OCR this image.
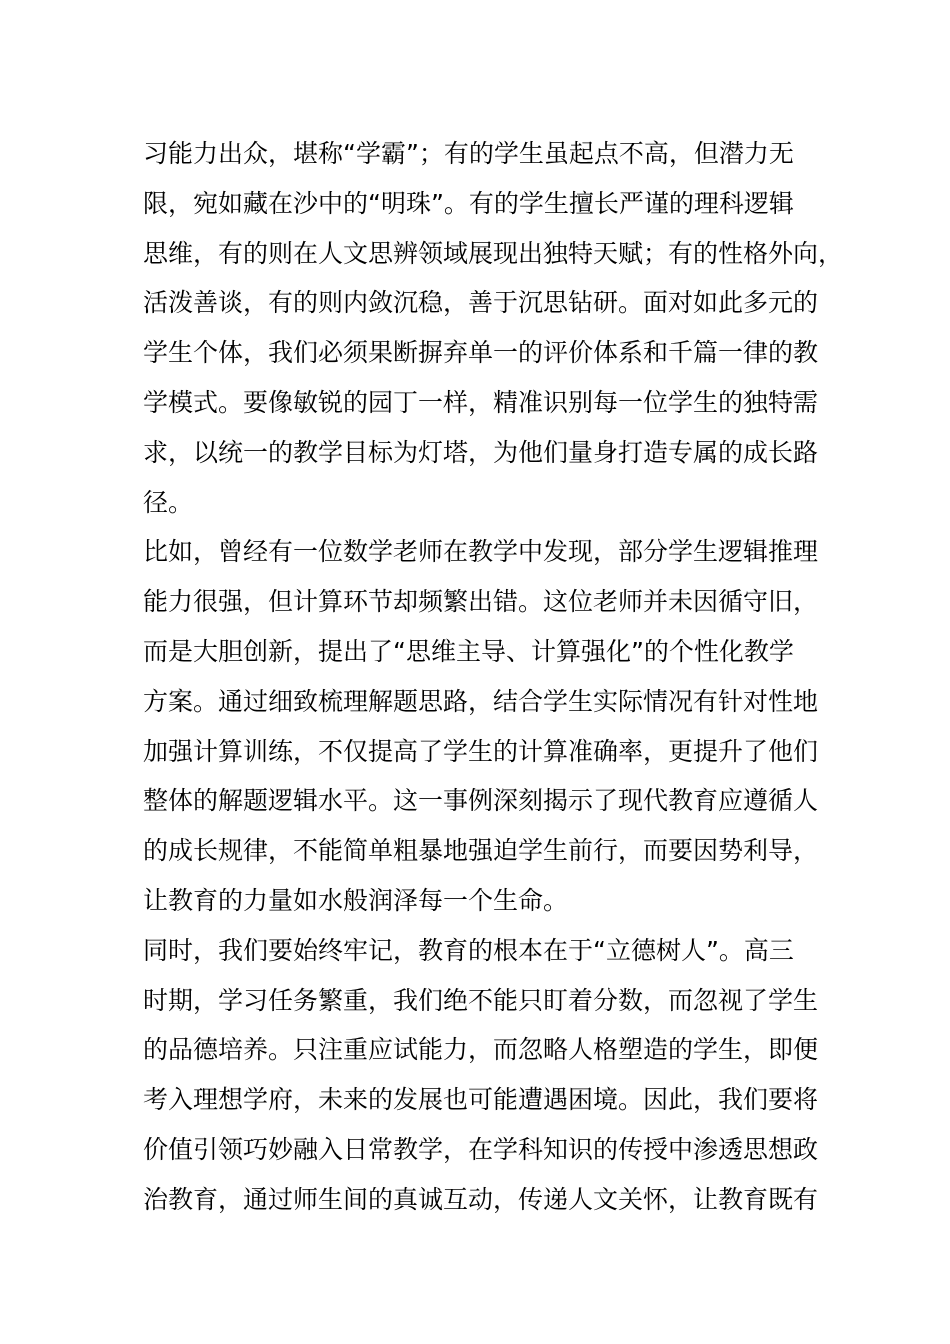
习能力出众，堪称“学霸”；有的学生虽起点不高，但潜力无
限，宛如藏在沙中的“明珠”。有的学生擅长严谨的理科逻辑
思维，有的则在人文思辨领域展现出独特天赋；有的性格外向，
活泼善谈，有的则内敛沉稳，善于沉思钻研。面对如此多元的
学生个体，我们必须果断摒弃单一的评价体系和千篇一律的教
学模式。要像敏锐的园丁一样，精准识别每一位学生的独特需
求，以统一的教学目标为灯塔，为他们量身打造专属的成长路
径。
比如，曾经有一位数学老师在教学中发现，部分学生逻辑推理
能力很强，但计算环节却频繁出错。这位老师并未因循守旧，
而是大胆创新，提出了“思维主导、计算强化”的个性化教学
方案。通过细致梳理解题思路，结合学生实际情况有针对性地
加强计算训练，不仅提高了学生的计算准确率，更提升了他们
整体的解题逻辑水平。这一事例深刻揭示了现代教育应遵循人
的成长规律，不能简单粗暴地强迫学生前行，而要因势利导，
让教育的力量如水般润泽每一个生命。
同时，我们要始终牢记，教育的根本在于“立德树人”。高三
时期，学习任务繁重，我们绝不能只盯着分数，而忽视了学生
的品德培养。只注重应试能力，而忽略人格塑造的学生，即便
考入理想学府，未来的发展也可能遭遇困境。因此，我们要将
价值引领巧妙融入日常教学，在学科知识的传授中渗透思想政
治教育，通过师生间的真诚互动，传递人文关怀，让教育既有
